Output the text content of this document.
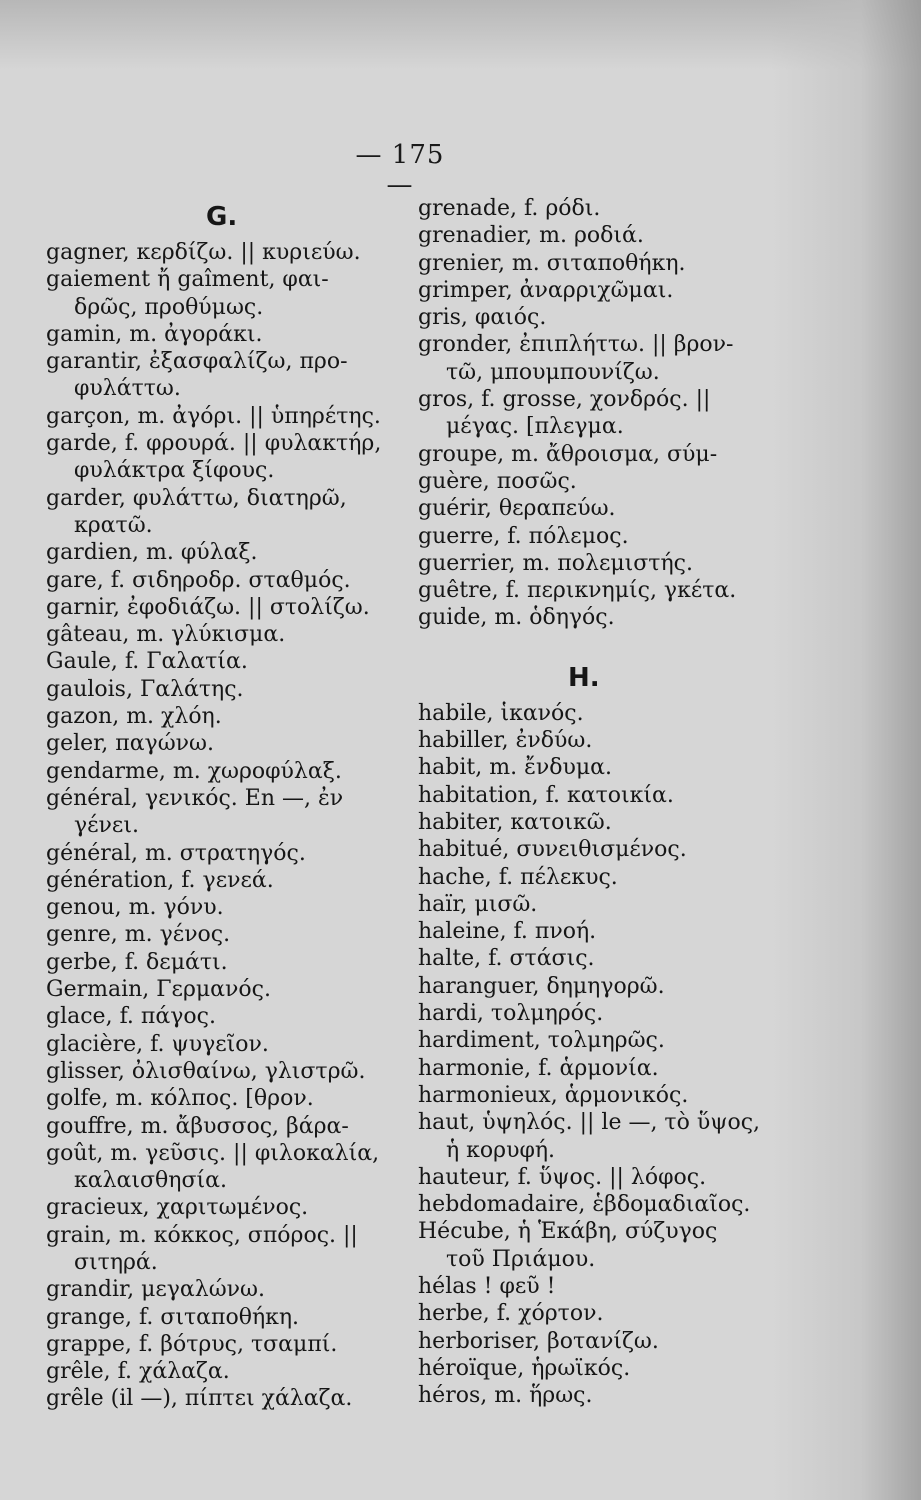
— 175 —
G.
gagner, κερδίζω. || κυριεύω.
gaiement ἤ gaîment, φαι-
δρῶς, προθύμως.
gamin, m. ἀγοράκι.
garantir, ἐξασφαλίζω, προ-
φυλάττω.
garçon, m. ἀγόρι. || ὑπηρέτης.
garde, f. φρουρά. || φυλακτήρ,
φυλάκτρα ξίφους.
garder, φυλάττω, διατηρῶ,
κρατῶ.
gardien, m. φύλαξ.
gare, f. σιδηροδρ. σταθμός.
garnir, ἐφοδιάζω. || στολίζω.
gâteau, m. γλύκισμα.
Gaule, f. Γαλατία.
gaulois, Γαλάτης.
gazon, m. χλόη.
geler, παγώνω.
gendarme, m. χωροφύλαξ.
général, γενικός. En —, ἐν
γένει.
général, m. στρατηγός.
génération, f. γενεά.
genou, m. γόνυ.
genre, m. γένος.
gerbe, f. δεμάτι.
Germain, Γερμανός.
glace, f. πάγος.
glacière, f. ψυγεῖον.
glisser, ὀλισθαίνω, γλιστρῶ.
golfe, m. κόλπος. [θρον.
gouffre, m. ἄβυσσος, βάρα-
goût, m. γεῦσις. || φιλοκαλία,
καλαισθησία.
gracieux, χαριτωμένος.
grain, m. κόκκος, σπόρος. ||
σιτηρά.
grandir, μεγαλώνω.
grange, f. σιταποθήκη.
grappe, f. βότρυς, τσαμπί.
grêle, f. χάλαζα.
grêle (il —), πίπτει χάλαζα.
grenade, f. ρόδι.
grenadier, m. ροδιά.
grenier, m. σιταποθήκη.
grimper, ἀναρριχῶμαι.
gris, φαιός.
gronder, ἐπιπλήττω. || βρον-
τῶ, μπουμπουνίζω.
gros, f. grosse, χονδρός. ||
μέγας. [πλεγμα.
groupe, m. ἄθροισμα, σύμ-
guère, ποσῶς.
guérir, θεραπεύω.
guerre, f. πόλεμος.
guerrier, m. πολεμιστής.
guêtre, f. περικνημίς, γκέτα.
guide, m. ὁδηγός.
H.
habile, ἱκανός.
habiller, ἐνδύω.
habit, m. ἔνδυμα.
habitation, f. κατοικία.
habiter, κατοικῶ.
habitué, συνειθισμένος.
hache, f. πέλεκυς.
haïr, μισῶ.
haleine, f. πνοή.
halte, f. στάσις.
haranguer, δημηγορῶ.
hardi, τολμηρός.
hardiment, τολμηρῶς.
harmonie, f. ἁρμονία.
harmonieux, ἁρμονικός.
haut, ὑψηλός. || le —, τὸ ὕψος,
ἡ κορυφή.
hauteur, f. ὕψος. || λόφος.
hebdomadaire, ἑβδομαδιαῖος.
Hécube, ἡ Ἑκάβη, σύζυγος
τοῦ Πριάμου.
hélas ! φεῦ !
herbe, f. χόρτον.
herboriser, βοτανίζω.
héroïque, ἡρωϊκός.
héros, m. ἥρως.
